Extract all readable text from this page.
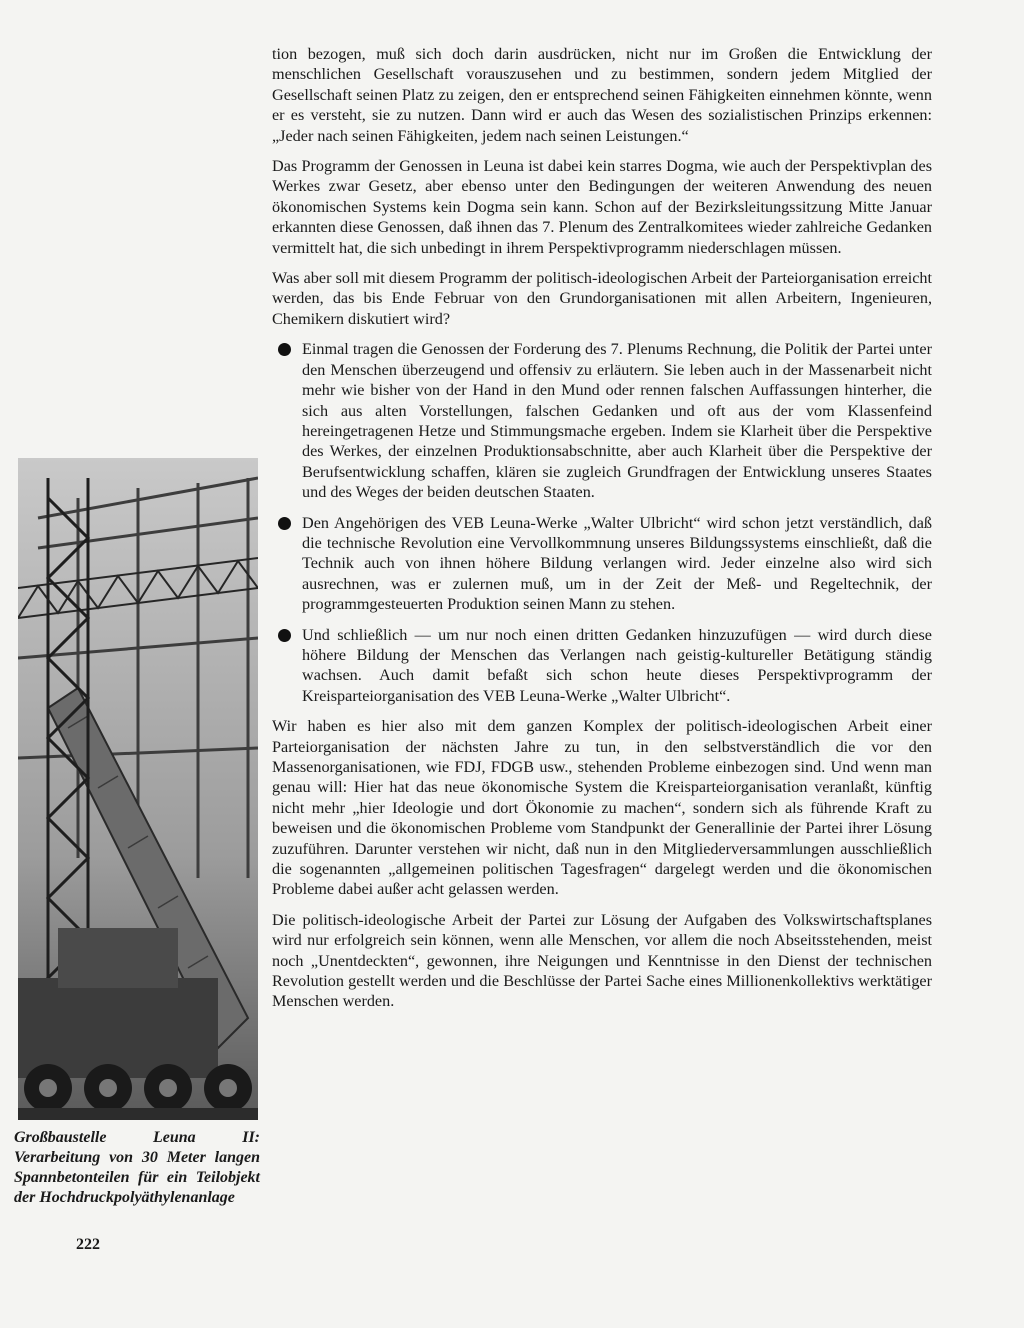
tion bezogen, muß sich doch darin ausdrücken, nicht nur im Großen die Entwicklung der menschlichen Gesellschaft vorauszusehen und zu bestimmen, sondern jedem Mitglied der Gesellschaft seinen Platz zu zeigen, den er entsprechend seinen Fähigkeiten einnehmen könnte, wenn er es versteht, sie zu nutzen. Dann wird er auch das Wesen des sozialistischen Prinzips erkennen: „Jeder nach seinen Fähigkeiten, jedem nach seinen Leistungen.“

Das Programm der Genossen in Leuna ist dabei kein starres Dogma, wie auch der Perspektivplan des Werkes zwar Gesetz, aber ebenso unter den Bedingungen der weiteren Anwendung des neuen ökonomischen Systems kein Dogma sein kann. Schon auf der Bezirksleitungssitzung Mitte Januar erkannten diese Genossen, daß ihnen das 7. Plenum des Zentralkomitees wieder zahlreiche Gedanken vermittelt hat, die sich unbedingt in ihrem Perspektivprogramm niederschlagen müssen.

Was aber soll mit diesem Programm der politisch-ideologischen Arbeit der Parteiorganisation erreicht werden, das bis Ende Februar von den Grundorganisationen mit allen Arbeitern, Ingenieuren, Chemikern diskutiert wird?

Einmal tragen die Genossen der Forderung des 7. Plenums Rechnung, die Politik der Partei unter den Menschen überzeugend und offensiv zu erläutern. Sie leben auch in der Massenarbeit nicht mehr wie bisher von der Hand in den Mund oder rennen falschen Auffassungen hinterher, die sich aus alten Vorstellungen, falschen Gedanken und oft aus der vom Klassenfeind hereingetragenen Hetze und Stimmungsmache ergeben. Indem sie Klarheit über die Perspektive des Werkes, der einzelnen Produktionsabschnitte, aber auch Klarheit über die Perspektive der Berufsentwicklung schaffen, klären sie zugleich Grundfragen der Entwicklung unseres Staates und des Weges der beiden deutschen Staaten.
Den Angehörigen des VEB Leuna-Werke „Walter Ulbricht“ wird schon jetzt verständlich, daß die technische Revolution eine Vervollkommnung unseres Bildungssystems einschließt, daß die Technik auch von ihnen höhere Bildung verlangen wird. Jeder einzelne also wird sich ausrechnen, was er zulernen muß, um in der Zeit der Meß- und Regeltechnik, der programmgesteuerten Produktion seinen Mann zu stehen.
Und schließlich — um nur noch einen dritten Gedanken hinzuzufügen — wird durch diese höhere Bildung der Menschen das Verlangen nach geistig-kultureller Betätigung ständig wachsen. Auch damit befaßt sich schon heute dieses Perspektivprogramm der Kreisparteiorganisation des VEB Leuna-Werke „Walter Ulbricht“.

Wir haben es hier also mit dem ganzen Komplex der politisch-ideologischen Arbeit einer Parteiorganisation der nächsten Jahre zu tun, in den selbstverständlich die vor den Massenorganisationen, wie FDJ, FDGB usw., stehenden Probleme einbezogen sind. Und wenn man genau will: Hier hat das neue ökonomische System die Kreisparteiorganisation veranlaßt, künftig nicht mehr „hier Ideologie und dort Ökonomie zu machen“, sondern sich als führende Kraft zu beweisen und die ökonomischen Probleme vom Standpunkt der Generallinie der Partei ihrer Lösung zuzuführen. Darunter verstehen wir nicht, daß nun in den Mitgliederversammlungen ausschließlich die sogenannten „allgemeinen politischen Tagesfragen“ dargelegt werden und die ökonomischen Probleme dabei außer acht gelassen werden.

Die politisch-ideologische Arbeit der Partei zur Lösung der Aufgaben des Volkswirtschaftsplanes wird nur erfolgreich sein können, wenn alle Menschen, vor allem die noch Abseitsstehenden, meist noch „Unentdeckten“, gewonnen, ihre Neigungen und Kenntnisse in den Dienst der technischen Revolution gestellt werden und die Beschlüsse der Partei Sache eines Millionenkollektivs werktätiger Menschen werden.

Großbaustelle Leuna II: Verarbeitung von 30 Meter langen Spannbetonteilen für ein Teilobjekt der Hochdruckpolyäthylenanlage
222
